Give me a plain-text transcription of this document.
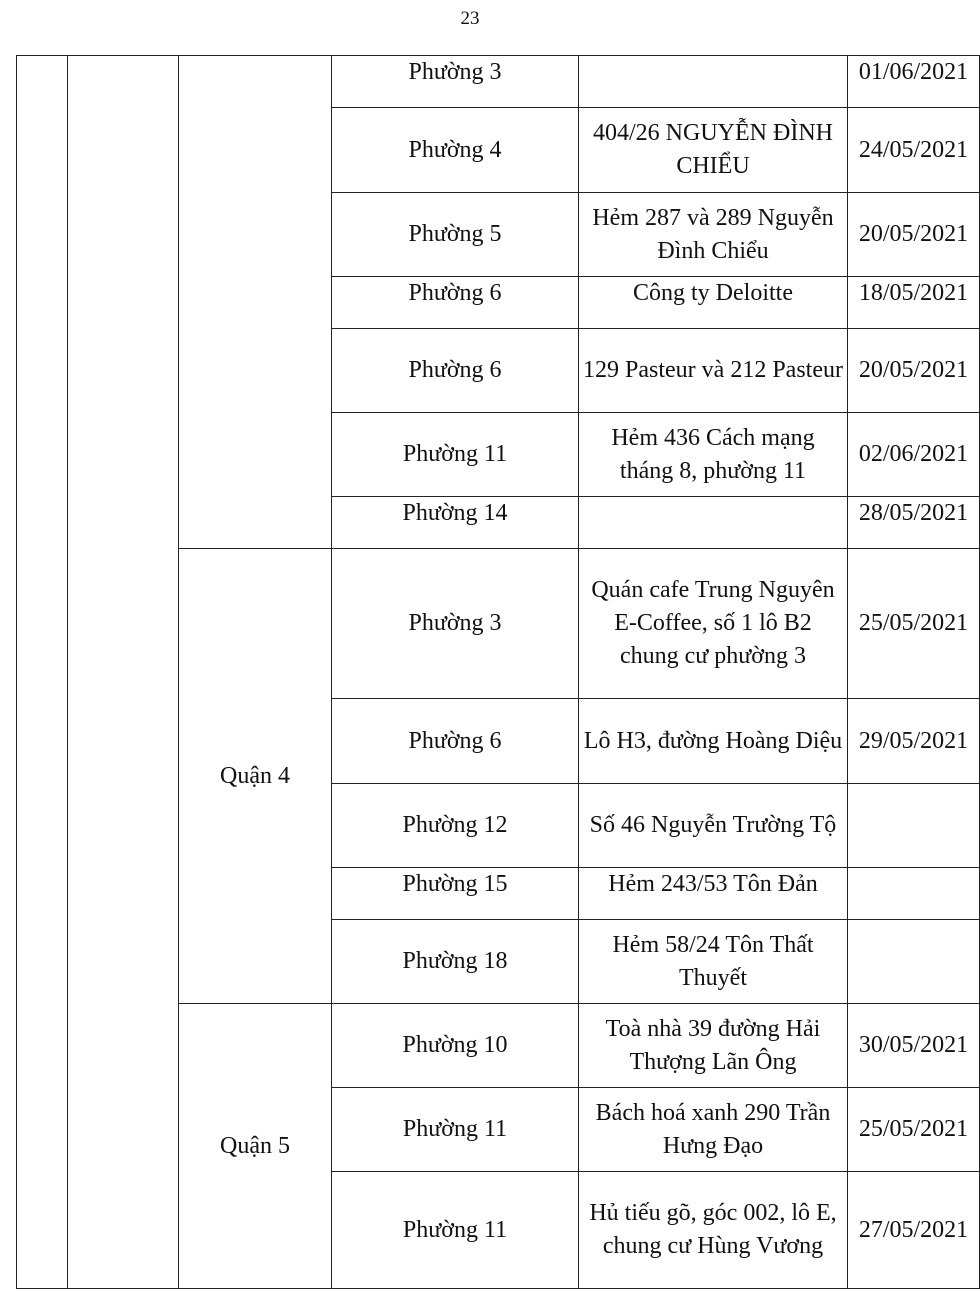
23
			Phường 3		01/06/2021
			Phường 4	404/26 NGUYỄN ĐÌNH CHIỂU	24/05/2021
			Phường 5	Hẻm 287 và 289 Nguyễn Đình Chiểu	20/05/2021
			Phường 6	Công ty Deloitte	18/05/2021
			Phường 6	129 Pasteur và 212 Pasteur	20/05/2021
			Phường 11	Hẻm 436 Cách mạng tháng 8, phường 11	02/06/2021
			Phường 14		28/05/2021
		Quận 4	Phường 3	Quán cafe Trung Nguyên E-Coffee, số 1 lô B2 chung cư phường 3	25/05/2021
			Phường 6	Lô H3, đường Hoàng Diệu	29/05/2021
			Phường 12	Số 46 Nguyễn Trường Tộ	
			Phường 15	Hẻm 243/53 Tôn Đản	
			Phường 18	Hẻm 58/24 Tôn Thất Thuyết	
		Quận 5	Phường 10	Toà nhà 39 đường Hải Thượng Lãn Ông	30/05/2021
			Phường 11	Bách hoá xanh 290 Trần Hưng Đạo	25/05/2021
			Phường 11	Hủ tiếu gõ, góc 002, lô E, chung cư Hùng Vương	27/05/2021
